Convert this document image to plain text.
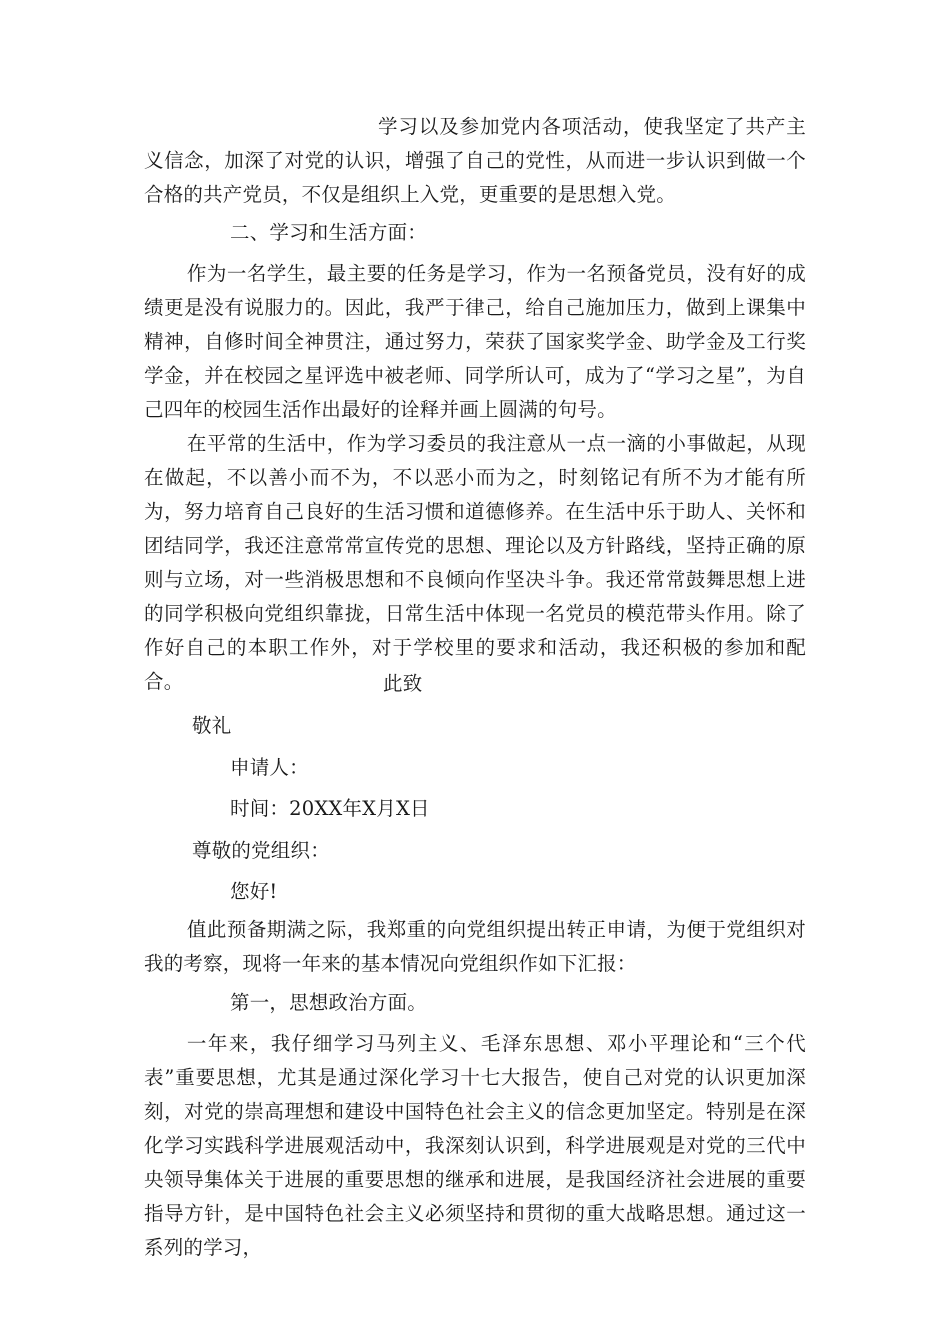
学习以及参加党内各项活动，使我坚定了共产主义信念，加深了对党的认识，增强了自己的党性，从而进一步认识到做一个合格的共产党员，不仅是组织上入党，更重要的是思想入党。

二、学习和生活方面：

作为一名学生，最主要的任务是学习，作为一名预备党员，没有好的成绩更是没有说服力的。因此，我严于律己，给自己施加压力，做到上课集中精神，自修时间全神贯注，通过努力，荣获了国家奖学金、助学金及工行奖学金，并在校园之星评选中被老师、同学所认可，成为了“学习之星”，为自己四年的校园生活作出最好的诠释并画上圆满的句号。

在平常的生活中，作为学习委员的我注意从一点一滴的小事做起，从现在做起，不以善小而不为，不以恶小而为之，时刻铭记有所不为才能有所为，努力培育自己良好的生活习惯和道德修养。在生活中乐于助人、关怀和团结同学，我还注意常常宣传党的思想、理论以及方针路线，坚持正确的原则与立场，对一些消极思想和不良倾向作坚决斗争。我还常常鼓舞思想上进的同学积极向党组织靠拢，日常生活中体现一名党员的模范带头作用。除了作好自己的本职工作外，对于学校里的要求和活动，我还积极的参加和配合。	此致

敬礼

申请人：

时间：20XX年X月X日

尊敬的党组织：

您好!

值此预备期满之际，我郑重的向党组织提出转正申请，为便于党组织对我的考察，现将一年来的基本情况向党组织作如下汇报：

第一，思想政治方面。

一年来，我仔细学习马列主义、毛泽东思想、邓小平理论和“三个代表”重要思想，尤其是通过深化学习十七大报告，使自己对党的认识更加深刻，对党的崇高理想和建设中国特色社会主义的信念更加坚定。特别是在深化学习实践科学进展观活动中，我深刻认识到，科学进展观是对党的三代中央领导集体关于进展的重要思想的继承和进展，是我国经济社会进展的重要指导方针，是中国特色社会主义必须坚持和贯彻的重大战略思想。通过这一系列的学习，
